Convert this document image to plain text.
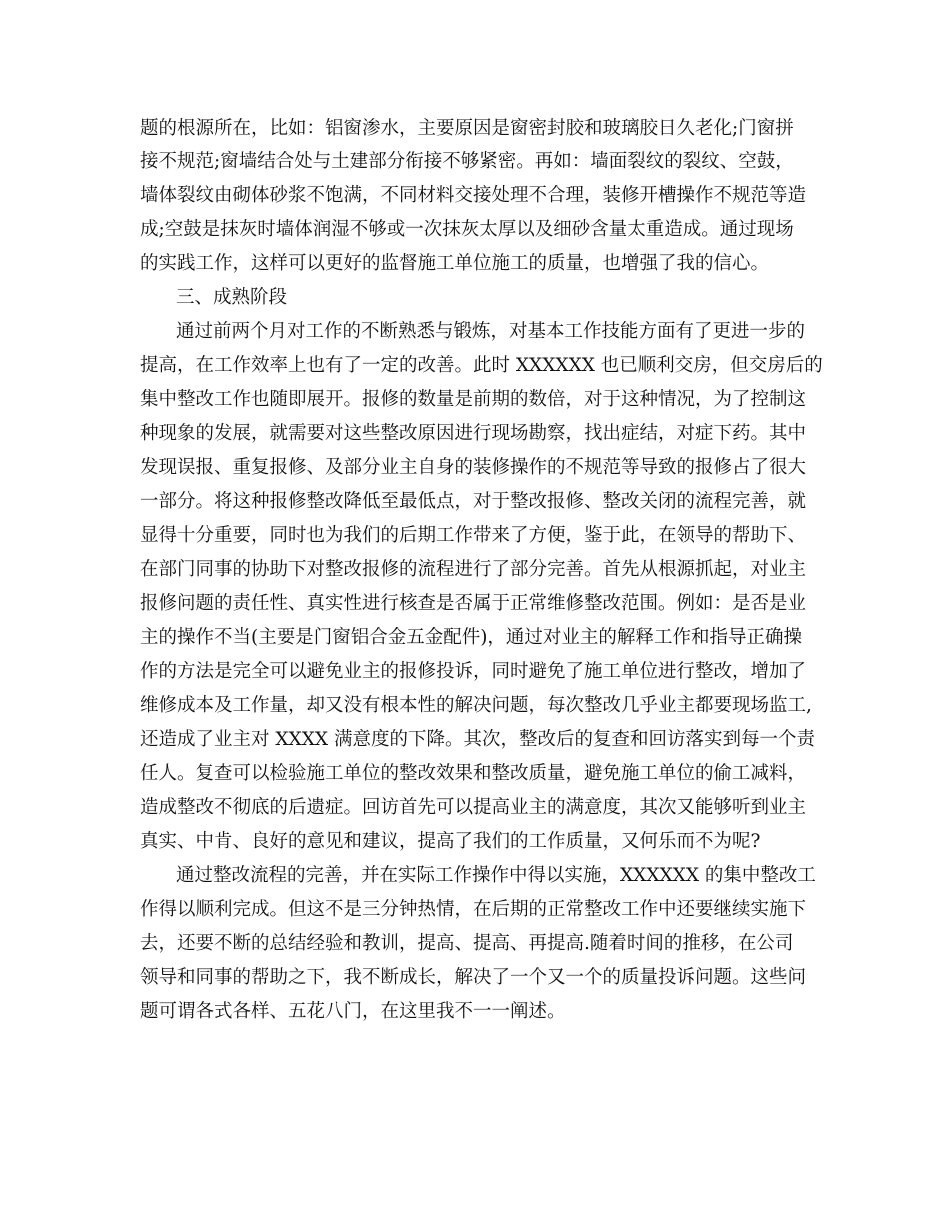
题的根源所在，比如：铝窗渗水，主要原因是窗密封胶和玻璃胶日久老化;门窗拼
接不规范;窗墙结合处与土建部分衔接不够紧密。再如：墙面裂纹的裂纹、空鼓，
墙体裂纹由砌体砂浆不饱满，不同材料交接处理不合理，装修开槽操作不规范等造
成;空鼓是抹灰时墙体润湿不够或一次抹灰太厚以及细砂含量太重造成。通过现场
的实践工作，这样可以更好的监督施工单位施工的质量，也增强了我的信心。
三、成熟阶段
通过前两个月对工作的不断熟悉与锻炼，对基本工作技能方面有了更进一步的
提高，在工作效率上也有了一定的改善。此时 XXXXXX 也已顺利交房，但交房后的
集中整改工作也随即展开。报修的数量是前期的数倍，对于这种情况，为了控制这
种现象的发展，就需要对这些整改原因进行现场勘察，找出症结，对症下药。其中
发现误报、重复报修、及部分业主自身的装修操作的不规范等导致的报修占了很大
一部分。将这种报修整改降低至最低点，对于整改报修、整改关闭的流程完善，就
显得十分重要，同时也为我们的后期工作带来了方便，鉴于此，在领导的帮助下、
在部门同事的协助下对整改报修的流程进行了部分完善。首先从根源抓起，对业主
报修问题的责任性、真实性进行核查是否属于正常维修整改范围。例如：是否是业
主的操作不当(主要是门窗铝合金五金配件)，通过对业主的解释工作和指导正确操
作的方法是完全可以避免业主的报修投诉，同时避免了施工单位进行整改，增加了
维修成本及工作量，却又没有根本性的解决问题，每次整改几乎业主都要现场监工,
还造成了业主对 XXXX 满意度的下降。其次，整改后的复查和回访落实到每一个责
任人。复查可以检验施工单位的整改效果和整改质量，避免施工单位的偷工减料，
造成整改不彻底的后遗症。回访首先可以提高业主的满意度，其次又能够听到业主
真实、中肯、良好的意见和建议，提高了我们的工作质量，又何乐而不为呢?
通过整改流程的完善，并在实际工作操作中得以实施，XXXXXX 的集中整改工
作得以顺利完成。但这不是三分钟热情，在后期的正常整改工作中还要继续实施下
去，还要不断的总结经验和教训，提高、提高、再提高.随着时间的推移，在公司
领导和同事的帮助之下，我不断成长，解决了一个又一个的质量投诉问题。这些问
题可谓各式各样、五花八门，在这里我不一一阐述。
